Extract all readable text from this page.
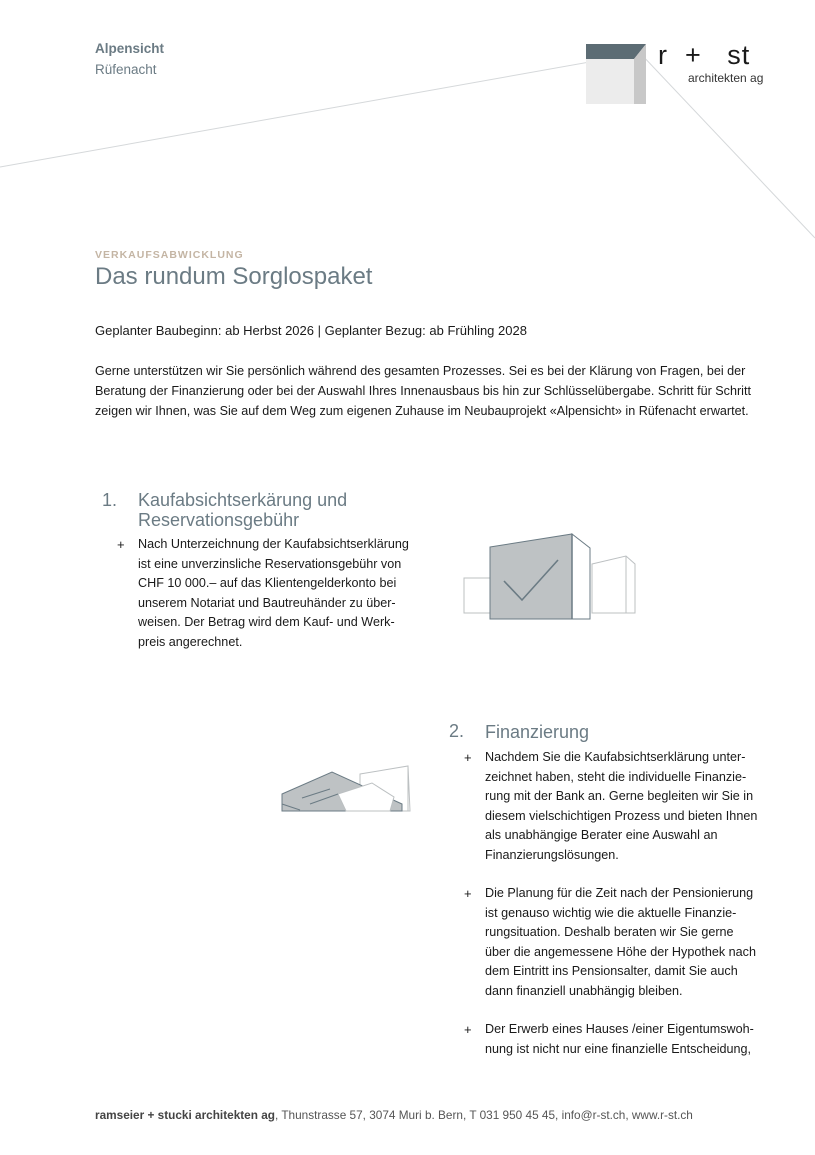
Alpensicht
Rüfenacht	r  +   st
architekten ag
VERKAUFSABWICKLUNG
Das rundum Sorglospaket
Geplanter Baubeginn: ab Herbst 2026 | Geplanter Bezug: ab Frühling 2028
Gerne unterstützen wir Sie persönlich während des gesamten Prozesses. Sei es bei der Klärung von Fragen, bei der Beratung der Finanzierung oder bei der Auswahl Ihres Innenausbaus bis hin zur Schlüsselübergabe. Schritt für Schritt zeigen wir Ihnen, was Sie auf dem Weg zum eigenen Zuhause im Neubauprojekt «Alpensicht» in Rüfenacht erwartet.
1. Kaufabsichtserkärung und
Reservationsgebühr
+ Nach Unterzeichnung der Kaufabsichtserklärung
ist eine unverzinsliche Reservationsgebühr von
CHF 10 000.– auf das Klientengelderkonto bei
unserem Notariat und Bautreuhänder zu über-
weisen. Der Betrag wird dem Kauf- und Werk-
preis angerechnet.
2. Finanzierung
+ Nachdem Sie die Kaufabsichtserklärung unter-
zeichnet haben, steht die individuelle Finanzie-
rung mit der Bank an. Gerne begleiten wir Sie in
diesem vielschichtigen Prozess und bieten Ihnen
als unabhängige Berater eine Auswahl an
Finanzierungslösungen.
+ Die Planung für die Zeit nach der Pensionierung
ist genauso wichtig wie die aktuelle Finanzie-
rungsituation. Deshalb beraten wir Sie gerne
über die angemessene Höhe der Hypothek nach
dem Eintritt ins Pensionsalter, damit Sie auch
dann finanziell unabhängig bleiben.
+ Der Erwerb eines Hauses /einer Eigentumswoh-
nung ist nicht nur eine finanzielle Entscheidung,
ramseier + stucki architekten ag, Thunstrasse 57, 3074 Muri b. Bern, T 031 950 45 45, info@r-st.ch, www.r-st.ch
